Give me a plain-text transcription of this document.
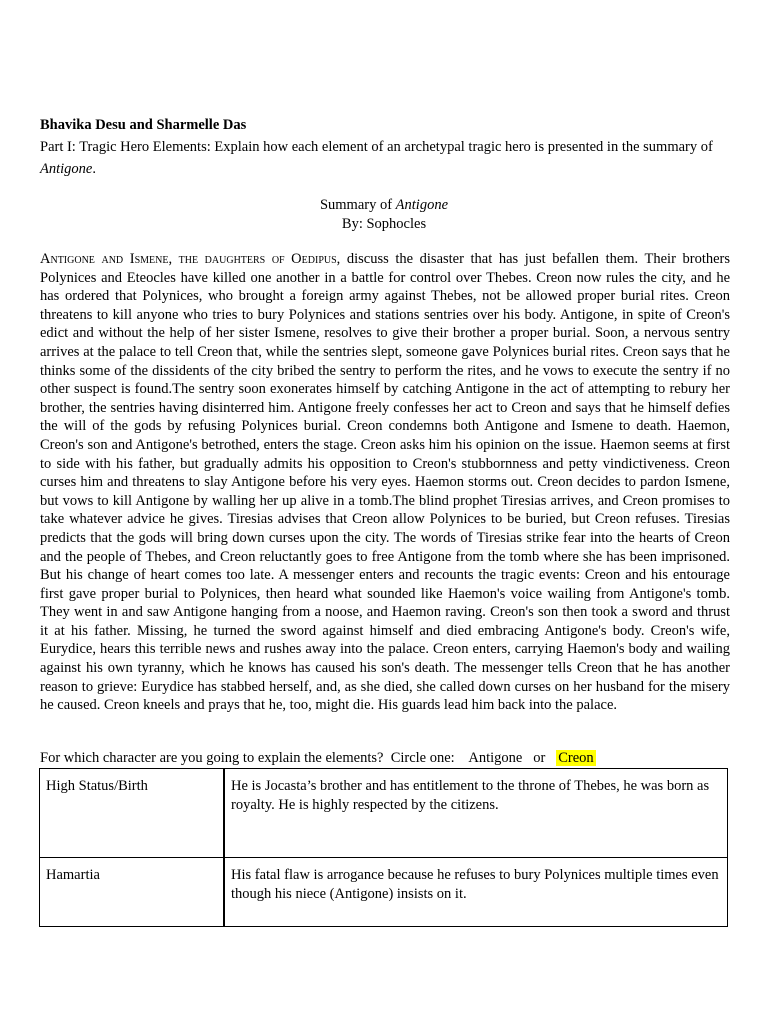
Bhavika Desu and Sharmelle Das
Part I: Tragic Hero Elements: Explain how each element of an archetypal tragic hero is presented in the summary of Antigone.
Summary of Antigone
By: Sophocles
Antigone and Ismene, the daughters of Oedipus, discuss the disaster that has just befallen them. Their brothers Polynices and Eteocles have killed one another in a battle for control over Thebes. Creon now rules the city, and he has ordered that Polynices, who brought a foreign army against Thebes, not be allowed proper burial rites. Creon threatens to kill anyone who tries to bury Polynices and stations sentries over his body. Antigone, in spite of Creon's edict and without the help of her sister Ismene, resolves to give their brother a proper burial. Soon, a nervous sentry arrives at the palace to tell Creon that, while the sentries slept, someone gave Polynices burial rites. Creon says that he thinks some of the dissidents of the city bribed the sentry to perform the rites, and he vows to execute the sentry if no other suspect is found.The sentry soon exonerates himself by catching Antigone in the act of attempting to rebury her brother, the sentries having disinterred him. Antigone freely confesses her act to Creon and says that he himself defies the will of the gods by refusing Polynices burial. Creon condemns both Antigone and Ismene to death. Haemon, Creon's son and Antigone's betrothed, enters the stage. Creon asks him his opinion on the issue. Haemon seems at first to side with his father, but gradually admits his opposition to Creon's stubbornness and petty vindictiveness. Creon curses him and threatens to slay Antigone before his very eyes. Haemon storms out. Creon decides to pardon Ismene, but vows to kill Antigone by walling her up alive in a tomb.The blind prophet Tiresias arrives, and Creon promises to take whatever advice he gives. Tiresias advises that Creon allow Polynices to be buried, but Creon refuses. Tiresias predicts that the gods will bring down curses upon the city. The words of Tiresias strike fear into the hearts of Creon and the people of Thebes, and Creon reluctantly goes to free Antigone from the tomb where she has been imprisoned. But his change of heart comes too late. A messenger enters and recounts the tragic events: Creon and his entourage first gave proper burial to Polynices, then heard what sounded like Haemon's voice wailing from Antigone's tomb. They went in and saw Antigone hanging from a noose, and Haemon raving. Creon's son then took a sword and thrust it at his father. Missing, he turned the sword against himself and died embracing Antigone's body. Creon's wife, Eurydice, hears this terrible news and rushes away into the palace. Creon enters, carrying Haemon's body and wailing against his own tyranny, which he knows has caused his son's death. The messenger tells Creon that he has another reason to grieve: Eurydice has stabbed herself, and, as she died, she called down curses on her husband for the misery he caused. Creon kneels and prays that he, too, might die. His guards lead him back into the palace.
For which character are you going to explain the elements?  Circle one:    Antigone   or   Creon
High Status/Birth	He is Jocasta’s brother and has entitlement to the throne of Thebes, he was born as royalty. He is highly respected by the citizens.
Hamartia	His fatal flaw is arrogance because he refuses to bury Polynices multiple times even though his niece (Antigone) insists on it.
